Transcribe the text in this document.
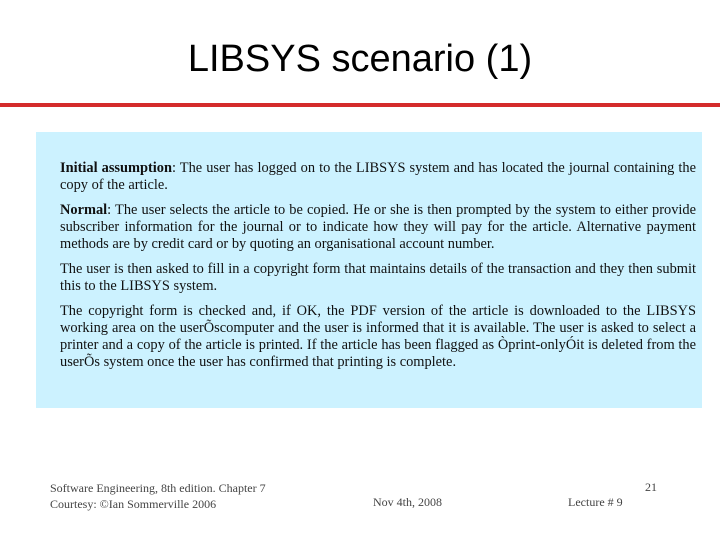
LIBSYS scenario (1)

Initial assumption: The user has logged on to the LIBSYS system and has located the journal containing the copy of the article.

Normal: The user selects the article to be copied. He or she is then prompted by the system to either provide subscriber information for the journal or to indicate how they will pay for the article. Alternative payment methods are by credit card or by quoting an organisational account number.

The user is then asked to fill in a copyright form that maintains details of the transaction and they then submit this to the LIBSYS system.

The copyright form is checked and, if OK, the PDF version of the article is downloaded to the LIBSYS working area on the userÕscomputer and the user is informed that it is available. The user is asked to select a printer and a copy of the article is printed. If the article has been flagged as Òprint-onlyÓit is deleted from the userÕs system once the user has confirmed that printing is complete.

Software Engineering, 8th edition. Chapter 7
Courtesy: ©Ian Sommerville 2006	Nov 4th, 2008	Lecture # 9
21
